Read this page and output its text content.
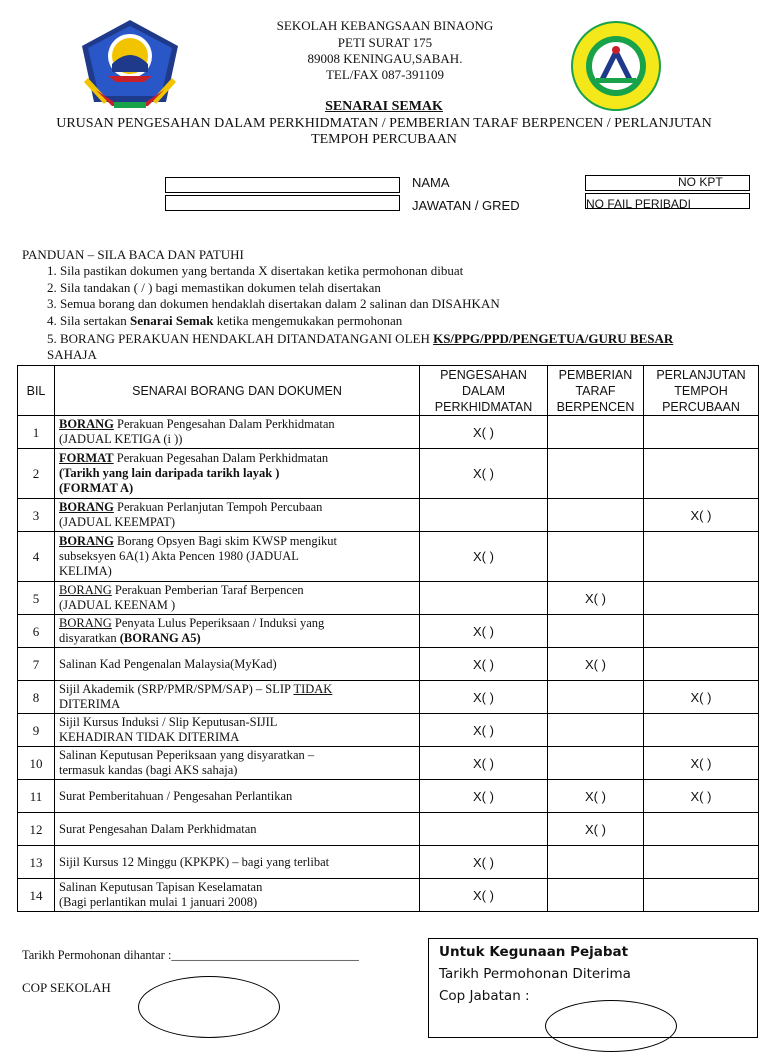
SEKOLAH KEBANGSAAN BINAONG
PETI SURAT 175
89008 KENINGAU,SABAH.
TEL/FAX 087-391109
SENARAI SEMAK
URUSAN PENGESAHAN DALAM PERKHIDMATAN / PEMBERIAN TARAF BERPENCEN / PERLANJUTAN
TEMPOH PERCUBAAN
NAMA
JAWATAN / GRED
NO KPT
NO FAIL PERIBADI
PANDUAN – SILA BACA DAN PATUHI
1. Sila pastikan dokumen yang bertanda X disertakan ketika permohonan dibuat
2. Sila tandakan ( / ) bagi memastikan dokumen telah disertakan
3. Semua borang dan dokumen hendaklah disertakan dalam 2 salinan dan DISAHKAN
4. Sila sertakan Senarai Semak ketika mengemukakan permohonan
5. BORANG PERAKUAN HENDAKLAH DITANDATANGANI OLEH KS/PPG/PPD/PENGETUA/GURU BESAR
SAHAJA
BIL	SENARAI BORANG DAN DOKUMEN	PENGESAHAN DALAM PERKHIDMATAN	PEMBERIAN TARAF BERPENCEN	PERLANJUTAN TEMPOH PERCUBAAN
1	BORANG Perakuan Pengesahan Dalam Perkhidmatan
(JADUAL KETIGA (i ))	X( )		
2	FORMAT Perakuan Pegesahan Dalam Perkhidmatan
(Tarikh yang lain daripada tarikh layak )
(FORMAT A)	X( )		
3	BORANG Perakuan Perlanjutan Tempoh Percubaan
(JADUAL KEEMPAT)			X( )
4	BORANG Borang Opsyen Bagi skim KWSP mengikut
subseksyen 6A(1) Akta Pencen 1980 (JADUAL
KELIMA)	X( )		
5	BORANG Perakuan Pemberian Taraf Berpencen
(JADUAL KEENAM )		X( )	
6	BORANG Penyata Lulus Peperiksaan / Induksi yang
disyaratkan (BORANG A5)	X( )		
7	Salinan Kad Pengenalan Malaysia(MyKad)	X( )	X( )	
8	Sijil Akademik (SRP/PMR/SPM/SAP) – SLIP TIDAK
DITERIMA	X( )		X( )
9	Sijil Kursus Induksi / Slip Keputusan-SIJIL
KEHADIRAN TIDAK DITERIMA	X( )		
10	Salinan Keputusan Peperiksaan yang disyaratkan –
termasuk kandas (bagi AKS sahaja)	X( )		X( )
11	Surat Pemberitahuan / Pengesahan Perlantikan	X( )	X( )	X( )
12	Surat Pengesahan Dalam Perkhidmatan		X( )	
13	Sijil Kursus 12 Minggu (KPKPK) – bagi yang terlibat	X( )		
14	Salinan Keputusan Tapisan Keselamatan
(Bagi perlantikan mulai 1 januari 2008)	X( )		
Tarikh Permohonan dihantar :______________________________
COP SEKOLAH
Untuk Kegunaan Pejabat
Tarikh Permohonan Diterima
Cop Jabatan :
